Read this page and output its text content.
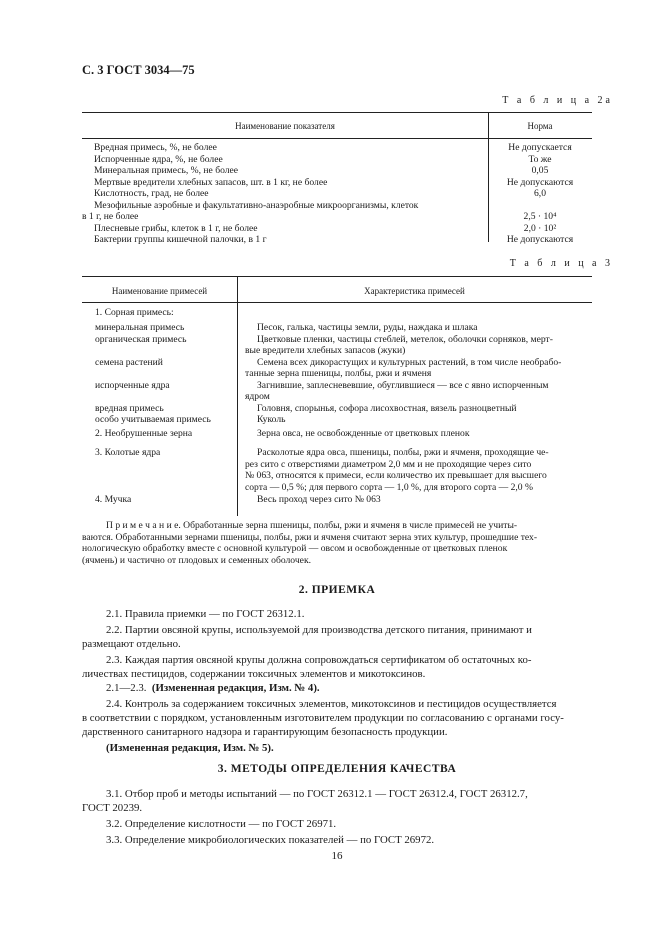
С. 3 ГОСТ 3034—75
Т а б л и ц а 2а
Наименование показателя	Норма
Вредная примесь, %, не более
Испорченные ядра, %, не более
Минеральная примесь, %, не более
Мертвые вредители хлебных запасов, шт. в 1 кг, не более
Кислотность, град, не более
Мезофильные аэробные и факультативно-анаэробные микроорганизмы, клеток
в 1 г, не более
Плесневые грибы, клеток в 1 г, не более
Бактерии группы кишечной палочки, в 1 г
Не допускается
То же
0,05
Не допускаются
6,0
2,5 · 10⁴
2,0 · 10²
Не допускаются
Т а б л и ц а 3
Наименование примесей	Характеристика примесей
1. Сорная примесь:
минеральная примесь
органическая примесь
семена растений
испорченные ядра
вредная примесь
особо учитываемая примесь
2. Необрушенные зерна
3. Колотые ядра
4. Мучка
Песок, галька, частицы земли, руды, наждака и шлака
Цветковые пленки, частицы стеблей, метелок, оболочки сорняков, мерт-
вые вредители хлебных запасов (жуки)
Семена всех дикорастущих и культурных растений, в том числе необрабо-
танные зерна пшеницы, полбы, ржи и ячменя
Загнившие, заплесневевшие, обуглившиеся — все с явно испорченным
ядром
Головня, спорынья, софора лисохвостная, вязель разноцветный
Куколь
Зерна овса, не освобожденные от цветковых пленок
Расколотые ядра овса, пшеницы, полбы, ржи и ячменя, проходящие че-
рез сито с отверстиями диаметром 2,0 мм и не проходящие через сито
№ 063, относятся к примеси, если количество их превышает для высшего
сорта — 0,5 %; для первого сорта — 1,0 %, для второго сорта — 2,0 %
Весь проход через сито № 063
П р и м е ч а н и е. Обработанные зерна пшеницы, полбы, ржи и ячменя в числе примесей не учиты-
ваются. Обработанными зернами пшеницы, полбы, ржи и ячменя считают зерна этих культур, прошедшие тех-
нологическую обработку вместе с основной культурой — овсом и освобожденные от цветковых пленок
(ячмень) и частично от плодовых и семенных оболочек.
2. ПРИЕМКА
2.1. Правила приемки — по ГОСТ 26312.1.
2.2. Партии овсяной крупы, используемой для производства детского питания, принимают и
размещают отдельно.
2.3. Каждая партия овсяной крупы должна сопровождаться сертификатом об остаточных ко-
личествах пестицидов, содержании токсичных элементов и микотоксинов.
2.1—2.3. (Измененная редакция, Изм. № 4).
2.4. Контроль за содержанием токсичных элементов, микотоксинов и пестицидов осуществляется
в соответствии с порядком, установленным изготовителем продукции по согласованию с органами госу-
дарственного санитарного надзора и гарантирующим безопасность продукции.
(Измененная редакция, Изм. № 5).
3. МЕТОДЫ ОПРЕДЕЛЕНИЯ КАЧЕСТВА
3.1. Отбор проб и методы испытаний — по ГОСТ 26312.1 — ГОСТ 26312.4, ГОСТ 26312.7,
ГОСТ 20239.
3.2. Определение кислотности — по ГОСТ 26971.
3.3. Определение микробиологических показателей — по ГОСТ 26972.
16
